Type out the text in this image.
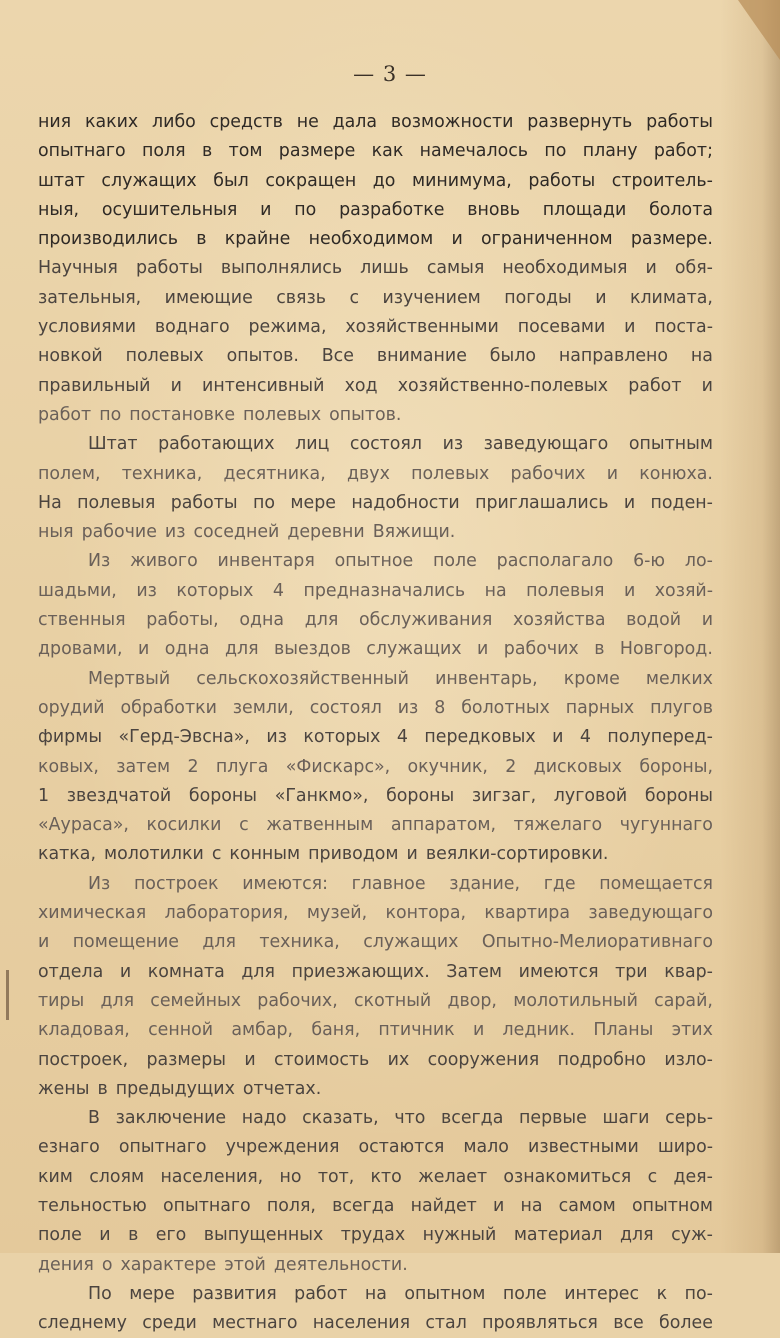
— 3 —
ния каких либо средств не дала возможности развернуть работы
опытнаго поля в том размере как намечалось по плану работ;
штат служащих был сокращен до минимума, работы строитель-
ныя, осушительныя и по разработке вновь площади болота
производились в крайне необходимом и ограниченном размере.
Научныя работы выполнялись лишь самыя необходимыя и обя-
зательныя, имеющие связь с изучением погоды и климата,
условиями воднаго режима, хозяйственными посевами и поста-
новкой полевых опытов. Все внимание было направлено на
правильный и интенсивный ход хозяйственно-полевых работ и
работ по постановке полевых опытов.
Штат работающих лиц состоял из заведующаго опытным
полем, техника, десятника, двух полевых рабочих и конюха.
На полевыя работы по мере надобности приглашались и поден-
ныя рабочие из соседней деревни Вяжищи.
Из живого инвентаря опытное поле располагало 6-ю ло-
шадьми, из которых 4 предназначались на полевыя и хозяй-
ственныя работы, одна для обслуживания хозяйства водой и
дровами, и одна для выездов служащих и рабочих в Новгород.
Мертвый сельскохозяйственный инвентарь, кроме мелких
орудий обработки земли, состоял из 8 болотных парных плугов
фирмы «Герд-Эвсна», из которых 4 передковых и 4 полуперед-
ковых, затем 2 плуга «Фискарс», окучник, 2 дисковых бороны,
1 звездчатой бороны «Ганкмо», бороны зигзаг, луговой бороны
«Аураса», косилки с жатвенным аппаратом, тяжелаго чугуннаго
катка, молотилки с конным приводом и веялки-сортировки.
Из построек имеются: главное здание, где помещается
химическая лаборатория, музей, контора, квартира заведующаго
и помещение для техника, служащих Опытно-Мелиоративнаго
отдела и комната для приезжающих. Затем имеются три квар-
тиры для семейных рабочих, скотный двор, молотильный сарай,
кладовая, сенной амбар, баня, птичник и ледник. Планы этих
построек, размеры и стоимость их сооружения подробно изло-
жены в предыдущих отчетах.
В заключение надо сказать, что всегда первые шаги серь-
езнаго опытнаго учреждения остаются мало известными широ-
ким слоям населения, но тот, кто желает ознакомиться с дея-
тельностью опытнаго поля, всегда найдет и на самом опытном
поле и в его выпущенных трудах нужный материал для суж-
дения о характере этой деятельности.
По мере развития работ на опытном поле интерес к по-
следнему среди местнаго населения стал проявляться все более
